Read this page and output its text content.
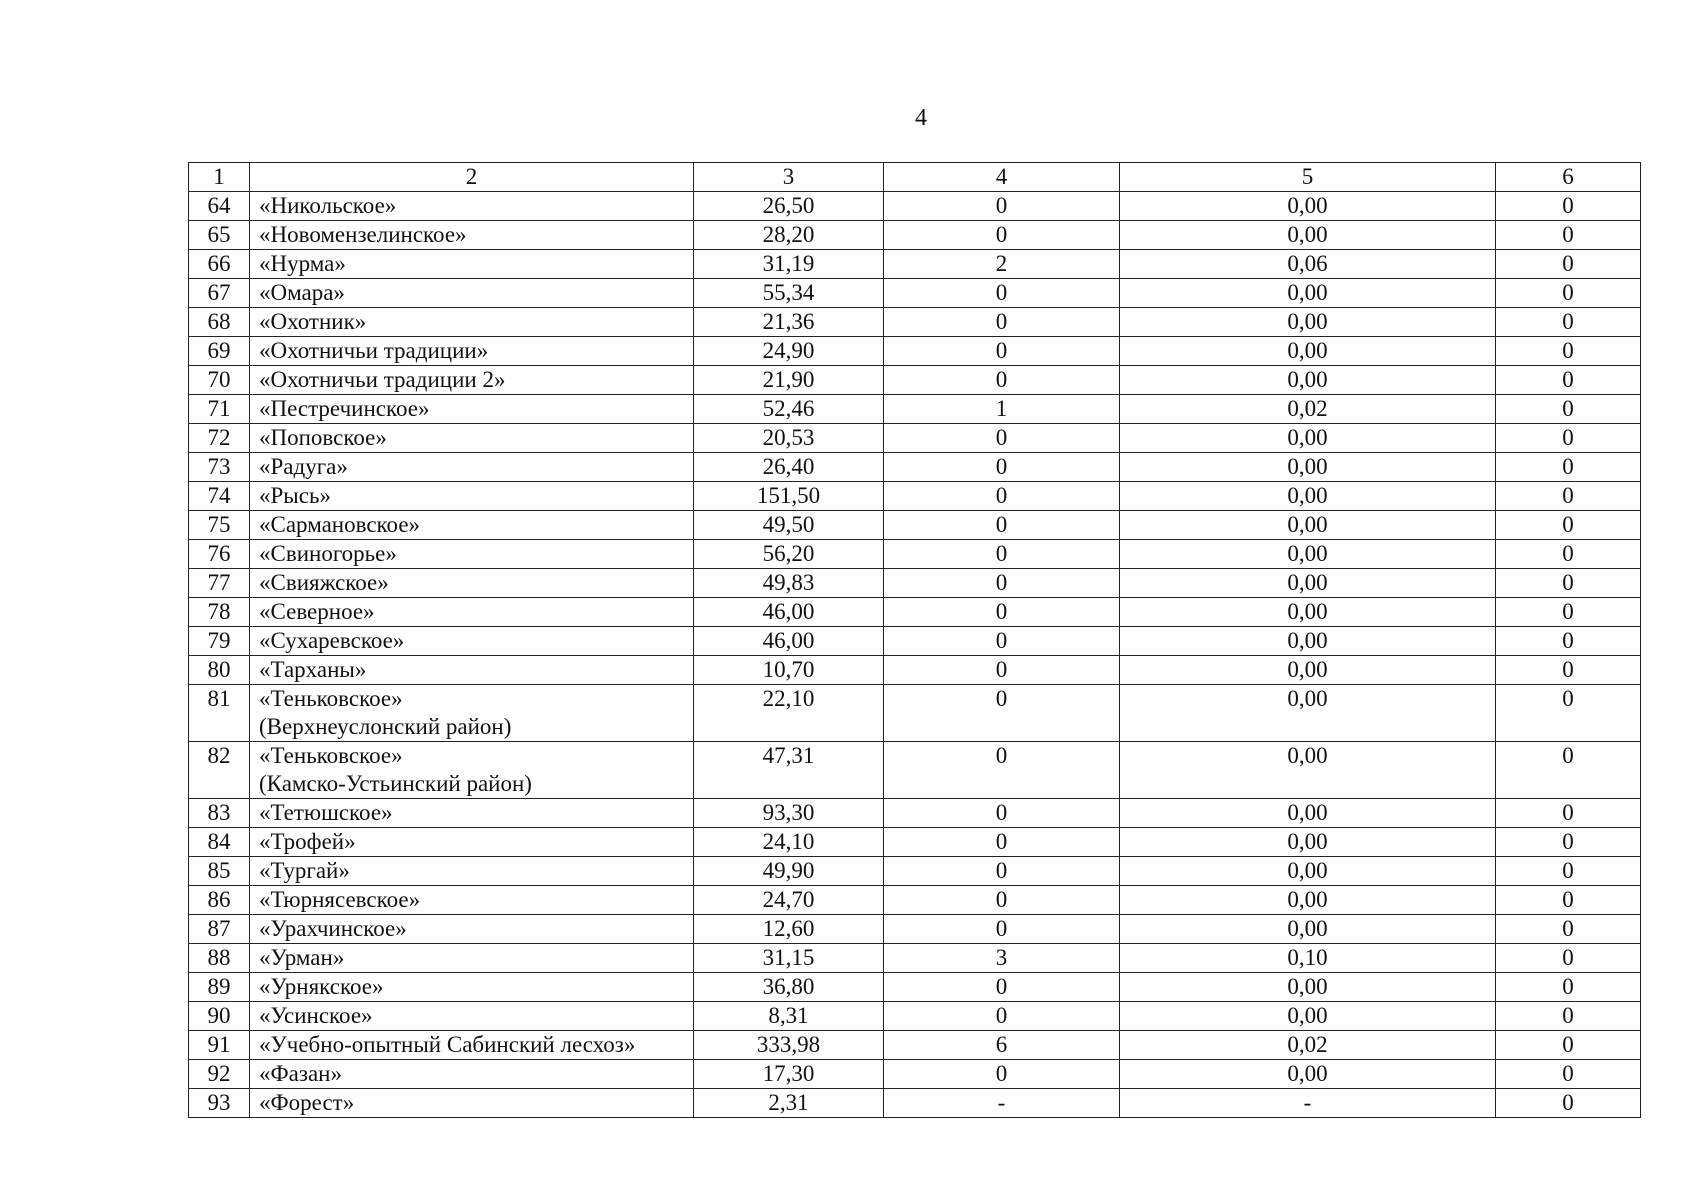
4
1	2	3	4	5	6
64	«Никольское»	26,50	0	0,00	0
65	«Новомензелинское»	28,20	0	0,00	0
66	«Нурма»	31,19	2	0,06	0
67	«Омара»	55,34	0	0,00	0
68	«Охотник»	21,36	0	0,00	0
69	«Охотничьи традиции»	24,90	0	0,00	0
70	«Охотничьи традиции 2»	21,90	0	0,00	0
71	«Пестречинское»	52,46	1	0,02	0
72	«Поповское»	20,53	0	0,00	0
73	«Радуга»	26,40	0	0,00	0
74	«Рысь»	151,50	0	0,00	0
75	«Сармановское»	49,50	0	0,00	0
76	«Свиногорье»	56,20	0	0,00	0
77	«Свияжское»	49,83	0	0,00	0
78	«Северное»	46,00	0	0,00	0
79	«Сухаревское»	46,00	0	0,00	0
80	«Тарханы»	10,70	0	0,00	0
81	«Теньковское»
(Верхнеуслонский район)	22,10	0	0,00	0
82	«Теньковское»
(Камско-Устьинский район)	47,31	0	0,00	0
83	«Тетюшское»	93,30	0	0,00	0
84	«Трофей»	24,10	0	0,00	0
85	«Тургай»	49,90	0	0,00	0
86	«Тюрнясевское»	24,70	0	0,00	0
87	«Урахчинское»	12,60	0	0,00	0
88	«Урман»	31,15	3	0,10	0
89	«Урнякское»	36,80	0	0,00	0
90	«Усинское»	8,31	0	0,00	0
91	«Учебно-опытный Сабинский лесхоз»	333,98	6	0,02	0
92	«Фазан»	17,30	0	0,00	0
93	«Форест»	2,31	-	-	0
